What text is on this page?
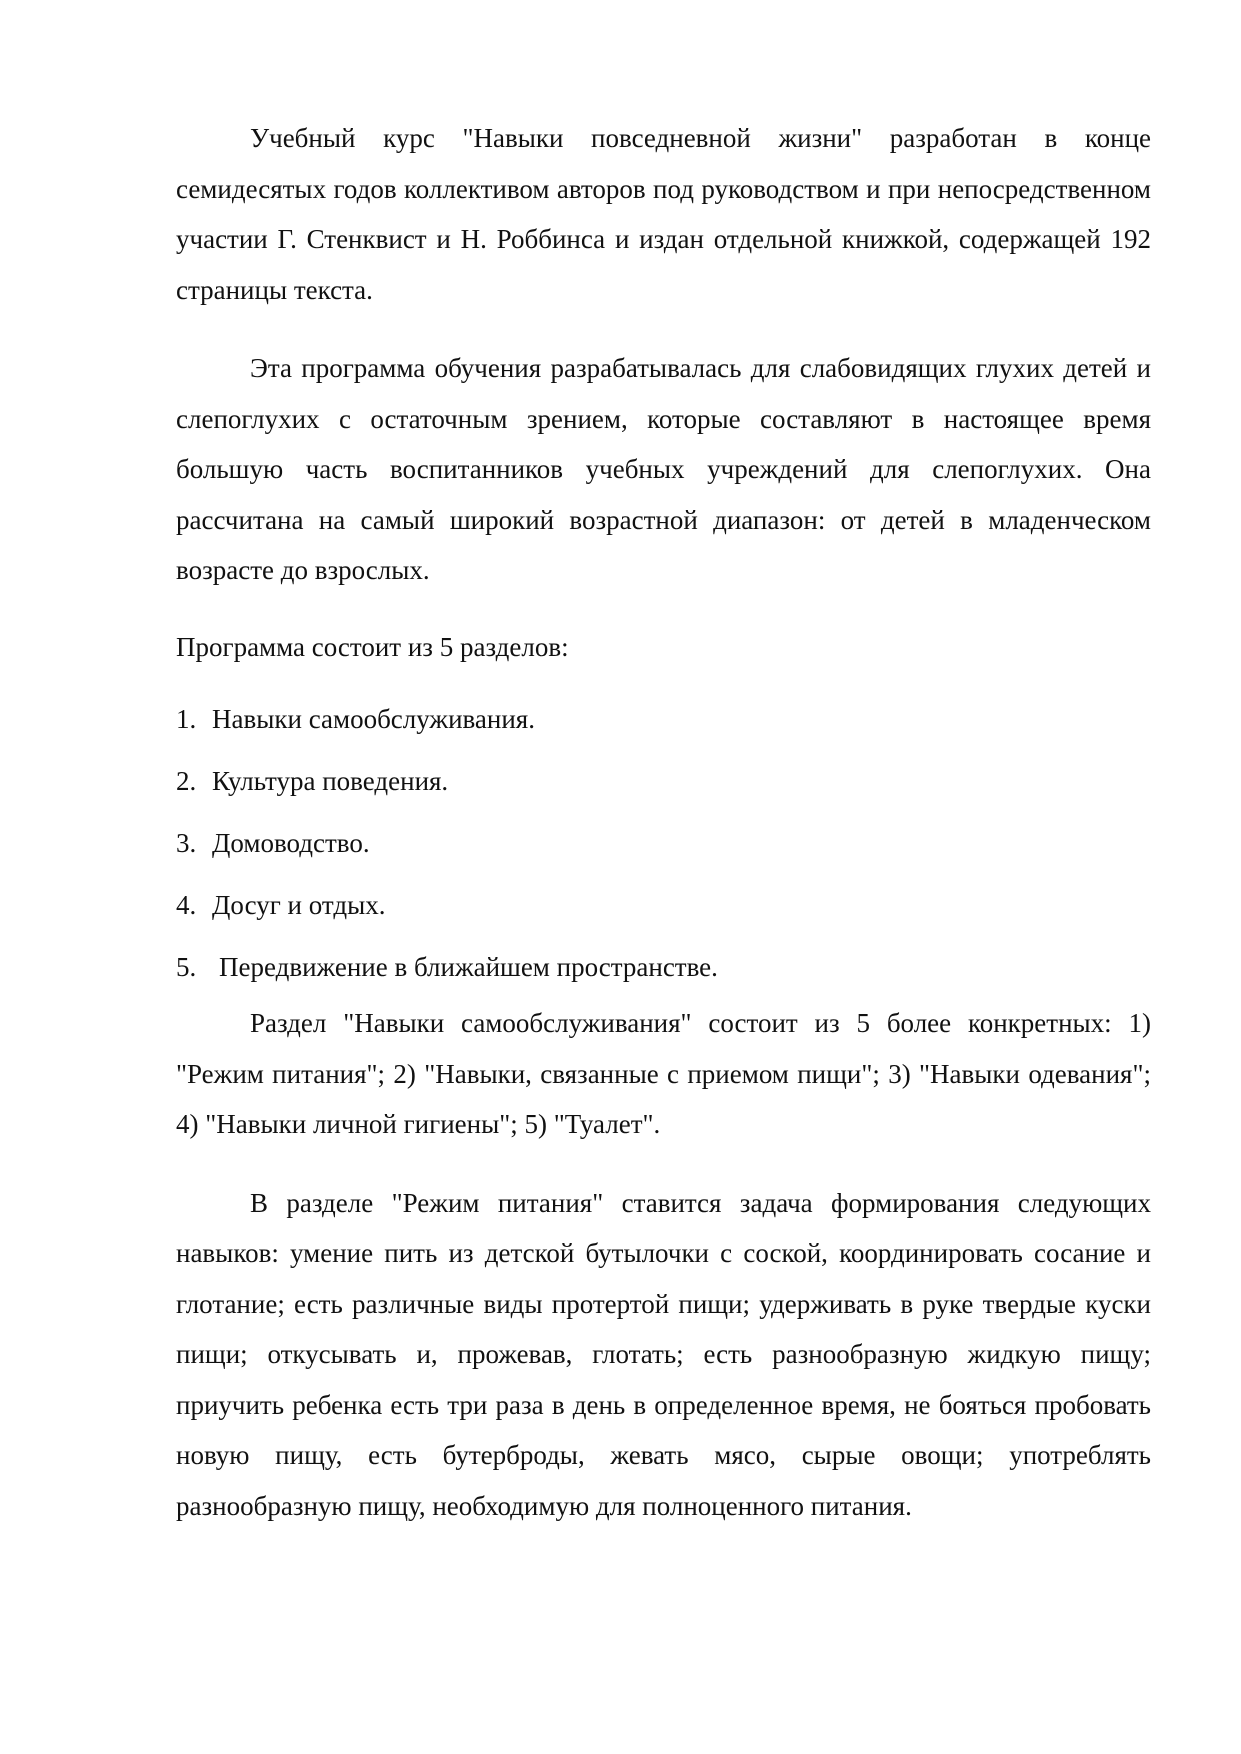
Учебный курс "Навыки повседневной жизни" разработан в конце семидесятых годов коллективом авторов под руководством и при непосредственном участии Г. Стенквист и Н. Роббинса и издан отдельной книжкой, содержащей 192 страницы текста.

Эта программа обучения разрабатывалась для слабовидящих глухих детей и слепоглухих с остаточным зрением, которые составляют в настоящее время большую часть воспитанников учебных учреждений для слепоглухих. Она рассчитана на самый широкий возрастной диапазон: от детей в младенческом возрасте до взрослых.

Программа состоит из 5 разделов:

1. Навыки самообслуживания.
2. Культура поведения.
3. Домоводство.
4. Досуг и отдых.
5. Передвижение в ближайшем пространстве.

Раздел "Навыки самообслуживания" состоит из 5 более конкретных: 1) "Режим питания"; 2) "Навыки, связанные с приемом пищи"; 3) "Навыки одевания"; 4) "Навыки личной гигиены"; 5) "Туалет".

В разделе "Режим питания" ставится задача формирования следующих навыков: умение пить из детской бутылочки с соской, координировать сосание и глотание; есть различные виды протертой пищи; удерживать в руке твердые куски пищи; откусывать и, прожевав, глотать; есть разнообразную жидкую пищу; приучить ребенка есть три раза в день в определенное время, не бояться пробовать новую пищу, есть бутерброды, жевать мясо, сырые овощи; употреблять разнообразную пищу, необходимую для полноценного питания.
